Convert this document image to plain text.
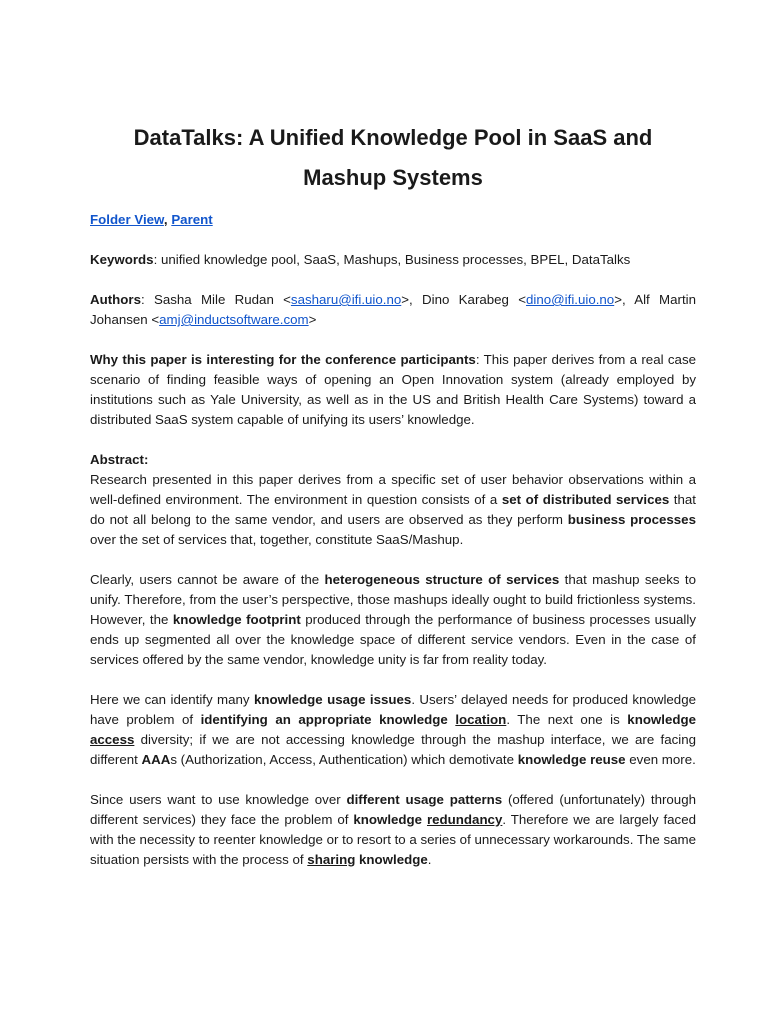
DataTalks: A Unified Knowledge Pool in SaaS and Mashup Systems

Folder View, Parent

Keywords: unified knowledge pool, SaaS, Mashups, Business processes, BPEL, DataTalks

Authors: Sasha Mile Rudan <sasharu@ifi.uio.no>, Dino Karabeg <dino@ifi.uio.no>, Alf Martin Johansen <amj@inductsoftware.com>

Why this paper is interesting for the conference participants: This paper derives from a real case scenario of finding feasible ways of opening an Open Innovation system (already employed by institutions such as Yale University, as well as in the US and British Health Care Systems) toward a distributed SaaS system capable of unifying its users’ knowledge.

Abstract:

Research presented in this paper derives from a specific set of user behavior observations within a well-defined environment. The environment in question consists of a set of distributed services that do not all belong to the same vendor, and users are observed as they perform business processes over the set of services that, together, constitute SaaS/Mashup.

Clearly, users cannot be aware of the heterogeneous structure of services that mashup seeks to unify. Therefore, from the user’s perspective, those mashups ideally ought to build frictionless systems. However, the knowledge footprint produced through the performance of business processes usually ends up segmented all over the knowledge space of different service vendors. Even in the case of services offered by the same vendor, knowledge unity is far from reality today.

Here we can identify many knowledge usage issues. Users’ delayed needs for produced knowledge have problem of identifying an appropriate knowledge location. The next one is knowledge access diversity; if we are not accessing knowledge through the mashup interface, we are facing different AAAs (Authorization, Access, Authentication) which demotivate knowledge reuse even more.

Since users want to use knowledge over different usage patterns (offered (unfortunately) through different services) they face the problem of knowledge redundancy. Therefore we are largely faced with the necessity to reenter knowledge or to resort to a series of unnecessary workarounds. The same situation persists with the process of sharing knowledge.
